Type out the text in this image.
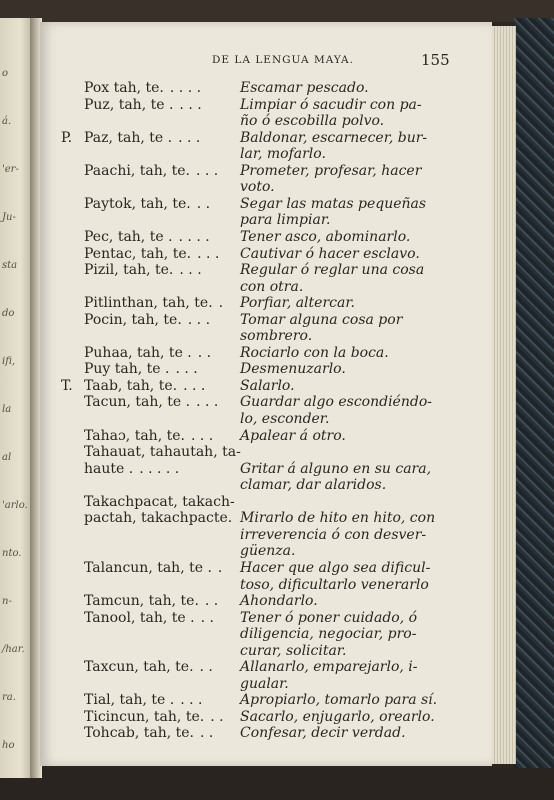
o
á.
'er-
Ju-
sta
do
ifi,
la
al
'arlo.
nto.
n-
/har.
ra.
ho
DE LA LENGUA MAYA.	155
Pox tah, te. . . . .	Escamar pescado.
Puz, tah, te . . . .	Limpiar ó sacudir con pa-
ño ó escobilla polvo.
P. Paz, tah, te . . . .	Baldonar, escarnecer, bur-
lar, mofarlo.
Paachi, tah, te. . . . Prometer, profesar, hacer
voto.
Paytok, tah, te. . . Segar las matas pequeñas
para limpiar.
Pec, tah, te . . . . . Tener asco, abominarlo.
Pentac, tah, te. . . . Cautivar ó hacer esclavo.
Pizil, tah, te. . . .	Regular ó reglar una cosa
con otra.
Pitlinthan, tah, te. . Porfiar, altercar.
Pocin, tah, te. . . . Tomar alguna cosa por
sombrero.
Puhaa, tah, te . . . Rociarlo con la boca.
Puy tah, te . . . .	Desmenuzarlo.
T. Taab, tah, te. . . . Salarlo.
Tacun, tah, te . . . . Guardar algo escondiéndo-
lo, esconder.
Tahaɔ, tah, te. . . . Apalear á otro.
Tahauat, tahautah, ta-
haute . . . . . .	Gritar á alguno en su cara,
clamar, dar alaridos.
Takachpacat, takach-
pactah, takachpacte. Mirarlo de hito en hito, con
irreverencia ó con desver-
güenza.
Talancun, tah, te . . Hacer que algo sea dificul-
toso, dificultarlo venerarlo
Tamcun, tah, te. . . Ahondarlo.
Tanool, tah, te . . . Tener ó poner cuidado, ó
diligencia, negociar, pro-
curar, solicitar.
Taxcun, tah, te. . . Allanarlo, emparejarlo, i-
gualar.
Tial, tah, te . . . .	Apropiarlo, tomarlo para sí.
Ticincun, tah, te. . . Sacarlo, enjugarlo, orearlo.
Tohcab, tah, te. . . Confesar, decir verdad.
